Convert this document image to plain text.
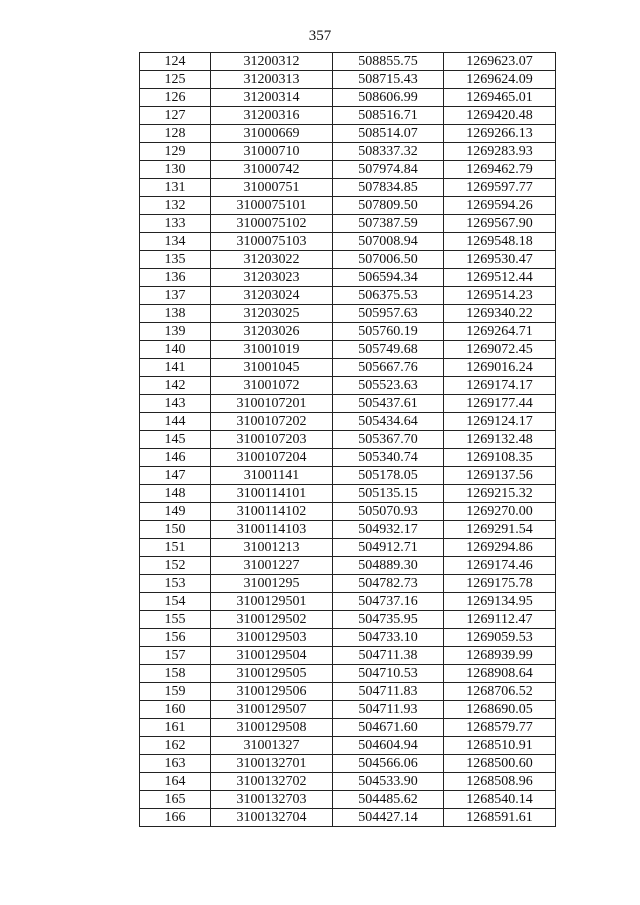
357
124	31200312	508855.75	1269623.07
125	31200313	508715.43	1269624.09
126	31200314	508606.99	1269465.01
127	31200316	508516.71	1269420.48
128	31000669	508514.07	1269266.13
129	31000710	508337.32	1269283.93
130	31000742	507974.84	1269462.79
131	31000751	507834.85	1269597.77
132	3100075101	507809.50	1269594.26
133	3100075102	507387.59	1269567.90
134	3100075103	507008.94	1269548.18
135	31203022	507006.50	1269530.47
136	31203023	506594.34	1269512.44
137	31203024	506375.53	1269514.23
138	31203025	505957.63	1269340.22
139	31203026	505760.19	1269264.71
140	31001019	505749.68	1269072.45
141	31001045	505667.76	1269016.24
142	31001072	505523.63	1269174.17
143	3100107201	505437.61	1269177.44
144	3100107202	505434.64	1269124.17
145	3100107203	505367.70	1269132.48
146	3100107204	505340.74	1269108.35
147	31001141	505178.05	1269137.56
148	3100114101	505135.15	1269215.32
149	3100114102	505070.93	1269270.00
150	3100114103	504932.17	1269291.54
151	31001213	504912.71	1269294.86
152	31001227	504889.30	1269174.46
153	31001295	504782.73	1269175.78
154	3100129501	504737.16	1269134.95
155	3100129502	504735.95	1269112.47
156	3100129503	504733.10	1269059.53
157	3100129504	504711.38	1268939.99
158	3100129505	504710.53	1268908.64
159	3100129506	504711.83	1268706.52
160	3100129507	504711.93	1268690.05
161	3100129508	504671.60	1268579.77
162	31001327	504604.94	1268510.91
163	3100132701	504566.06	1268500.60
164	3100132702	504533.90	1268508.96
165	3100132703	504485.62	1268540.14
166	3100132704	504427.14	1268591.61
